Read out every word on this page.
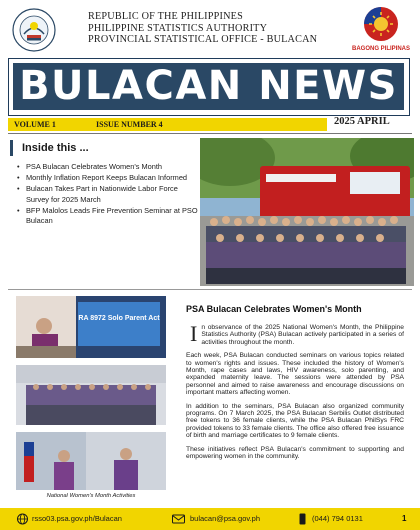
REPUBLIC OF THE PHILIPPINES
PHILIPPINE STATISTICS AUTHORITY
PROVINCIAL STATISTICAL OFFICE - BULACAN
BAGONG PILIPINAS
BULACAN NEWS
VOLUME 1	ISSUE NUMBER 4	2025 APRIL
Inside this ...
• PSA Bulacan Celebrates Women's Month
• Monthly Inflation Report Keeps Bulacan Informed
• Bulacan Takes Part in Nationwide Labor Force Survey for 2025 March
• BFP Malolos Leads Fire Prevention Seminar at PSO Bulacan
RA 8972 Solo Parent Act
National Women's Month Activities
PSA Bulacan Celebrates Women's Month

In observance of the 2025 National Women's Month, the Philippine Statistics Authority (PSA) Bulacan actively participated in a series of activities throughout the month.

Each week, PSA Bulacan conducted seminars on various topics related to women's rights and issues. These included the history of Women's Month, rape cases and laws, HIV awareness, solo parenting, and expanded maternity leave. The sessions were attended by PSA personnel and aimed to raise awareness and encourage discussions on important matters affecting women.

In addition to the seminars, PSA Bulacan also organized community programs. On 7 March 2025, the PSA Bulacan Serbilis Outlet distributed free tokens to 36 female clients, while the PSA Bulacan PhilSys FRC provided tokens to 33 female clients. The office also offered free issuance of birth and marriage certificates to 9 female clients.

These initiatives reflect PSA Bulacan's commitment to supporting and empowering women in the community.

rsso03.psa.gov.ph/Bulacan	bulacan@psa.gov.ph	(044) 794 0131	1
